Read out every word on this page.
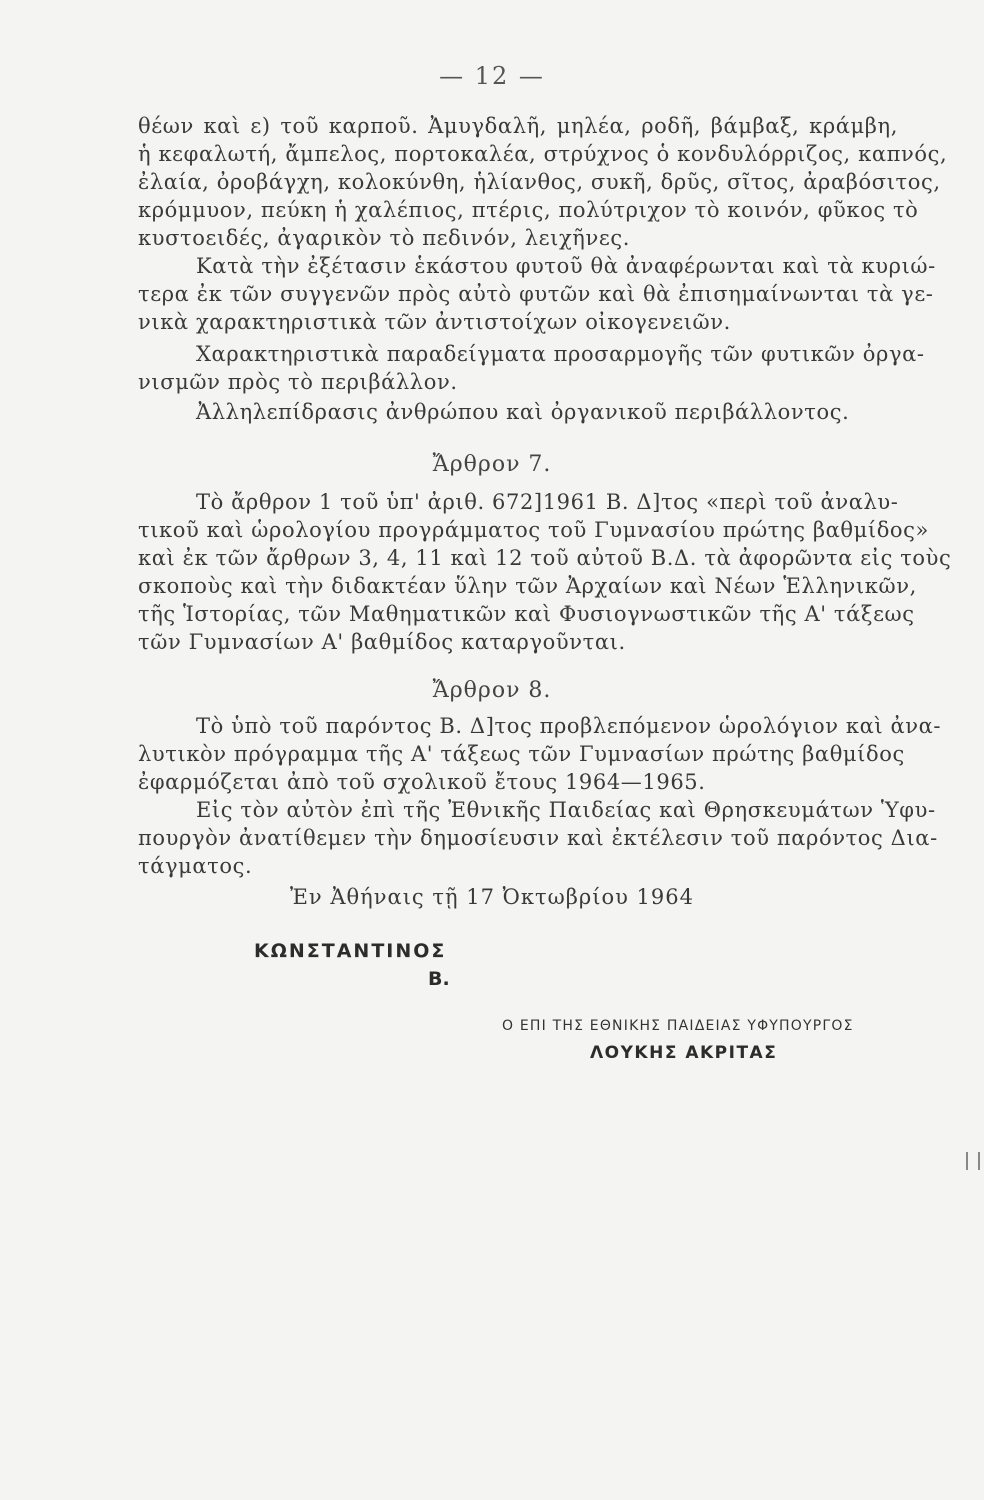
— 12 —
θέων καὶ ε) τοῦ καρποῦ. Ἀμυγδαλῆ, μηλέα, ροδῆ, βάμβαξ, κράμβη,
ἡ κεφαλωτή, ἄμπελος, πορτοκαλέα, στρύχνος ὁ κονδυλόρριζος, καπνός,
ἐλαία, ὀροβάγχη, κολοκύνθη, ἡλίανθος, συκῆ, δρῦς, σῖτος, ἀραβόσιτος,
κρόμμυον, πεύκη ἡ χαλέπιος, πτέρις, πολύτριχον τὸ κοινόν, φῦκος τὸ
κυστοειδές, ἀγαρικὸν τὸ πεδινόν, λειχῆνες.
Κατὰ τὴν ἐξέτασιν ἑκάστου φυτοῦ θὰ ἀναφέρωνται καὶ τὰ κυριώ-
τερα ἐκ τῶν συγγενῶν πρὸς αὐτὸ φυτῶν καὶ θὰ ἐπισημαίνωνται τὰ γε-
νικὰ χαρακτηριστικὰ τῶν ἀντιστοίχων οἰκογενειῶν.
Χαρακτηριστικὰ παραδείγματα προσαρμογῆς τῶν φυτικῶν ὀργα-
νισμῶν πρὸς τὸ περιβάλλον.
Ἀλληλεπίδρασις ἀνθρώπου καὶ ὀργανικοῦ περιβάλλοντος.
Ἄρθρον 7.
Τὸ ἄρθρον 1 τοῦ ὑπ' ἀριθ. 672]1961 Β. Δ]τος «περὶ τοῦ ἀναλυ-
τικοῦ καὶ ὡρολογίου προγράμματος τοῦ Γυμνασίου πρώτης βαθμίδος»
καὶ ἐκ τῶν ἄρθρων 3, 4, 11 καὶ 12 τοῦ αὐτοῦ Β.Δ. τὰ ἀφορῶντα εἰς τοὺς
σκοποὺς καὶ τὴν διδακτέαν ὕλην τῶν Ἀρχαίων καὶ Νέων Ἑλληνικῶν,
τῆς Ἱστορίας, τῶν Μαθηματικῶν καὶ Φυσιογνωστικῶν τῆς Α' τάξεως
τῶν Γυμνασίων Α' βαθμίδος καταργοῦνται.
Ἄρθρον 8.
Τὸ ὑπὸ τοῦ παρόντος Β. Δ]τος προβλεπόμενον ὡρολόγιον καὶ ἀνα-
λυτικὸν πρόγραμμα τῆς Α' τάξεως τῶν Γυμνασίων πρώτης βαθμίδος
ἐφαρμόζεται ἀπὸ τοῦ σχολικοῦ ἔτους 1964—1965.
Εἰς τὸν αὐτὸν ἐπὶ τῆς Ἐθνικῆς Παιδείας καὶ Θρησκευμάτων Ὑφυ-
πουργὸν ἀνατίθεμεν τὴν δημοσίευσιν καὶ ἐκτέλεσιν τοῦ παρόντος Δια-
τάγματος.
Ἐν Ἀθήναις τῇ 17 Ὀκτωβρίου 1964
ΚΩΝΣΤΑΝΤΙΝΟΣ
Β.
Ο ΕΠΙ ΤΗΣ ΕΘΝΙΚΗΣ ΠΑΙΔΕΙΑΣ ΥΦΥΠΟΥΡΓΟΣ
ΛΟΥΚΗΣ ΑΚΡΙΤΑΣ
